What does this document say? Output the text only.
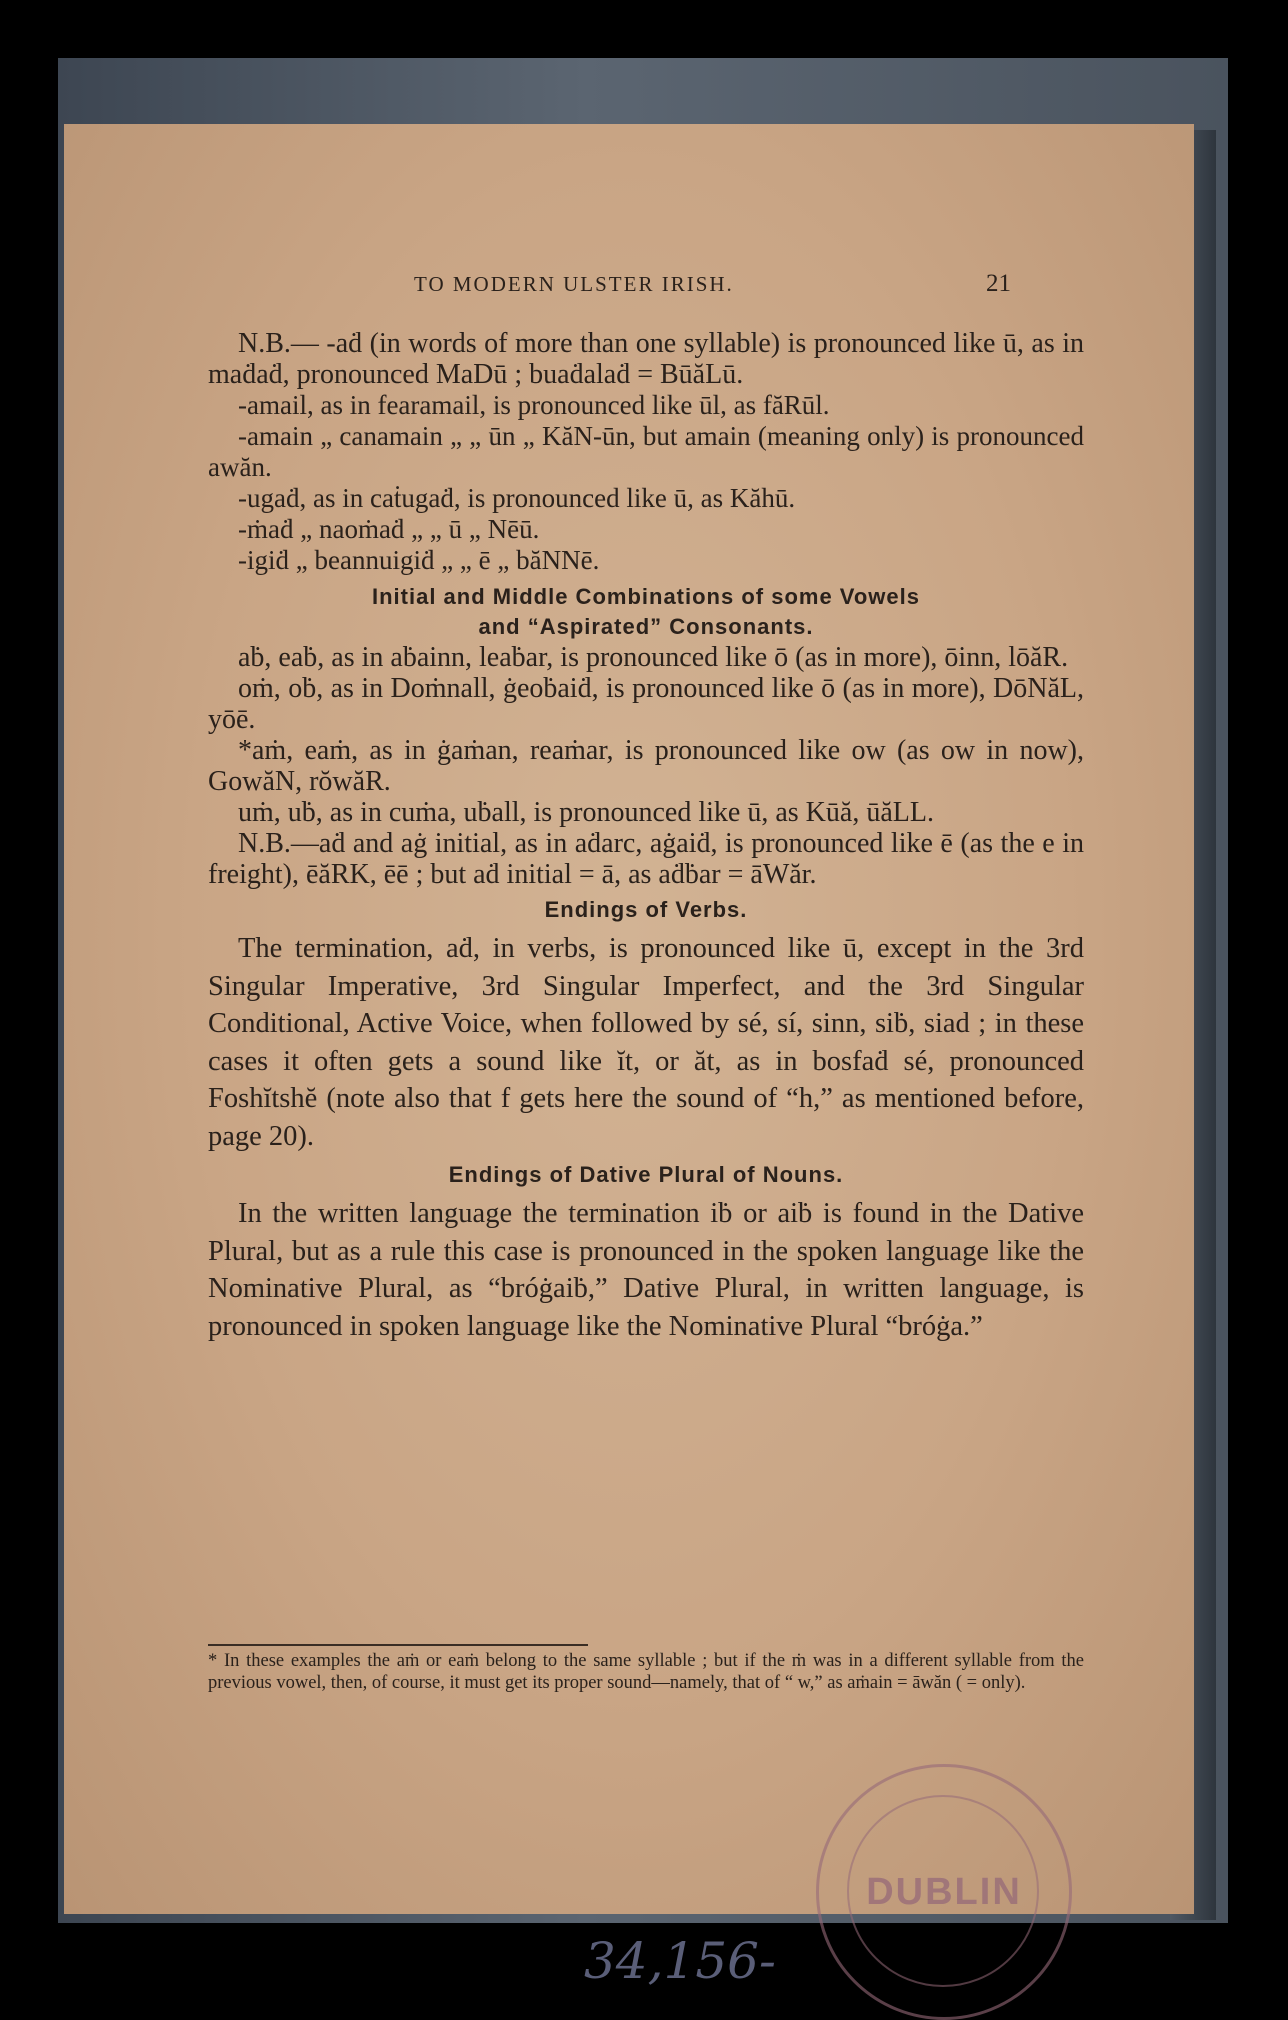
TO MODERN ULSTER IRISH.	21

N.B.— -aḋ (in words of more than one syllable) is pronounced like ū, as in maḋaḋ, pronounced MaDū ; buaḋalaḋ = BūăLū.

-amail, as in fearamail, is pronounced like ūl, as făRūl.

-amain „ canamain „ „ ūn „ KăN-ūn, but amain (meaning only) is pronounced awăn.

-ugaḋ, as in caṫugaḋ, is pronounced like ū, as Kăhū.

-ṁaḋ „ naoṁaḋ „ „ ū „ Nēū.

-igiḋ „ beannuigiḋ „ „ ē „ băNNē.

Initial and Middle Combinations of some Vowels
and “Aspirated” Consonants.

aḃ, eaḃ, as in aḃainn, leaḃar, is pronounced like ō (as in more), ōinn, lōăR.

oṁ, oḃ, as in Doṁnall, ġeoḃaiḋ, is pronounced like ō (as in more), DōNăL, yōē.

*aṁ, eaṁ, as in ġaṁan, reaṁar, is pronounced like ow (as ow in now), GowăN, rŏwăR.

uṁ, uḃ, as in cuṁa, uḃall, is pronounced like ū, as Kūă, ūăLL.

N.B.—aḋ and aġ initial, as in aḋarc, aġaiḋ, is pronounced like ē (as the e in freight), ēăRK, ēē ; but aḋ initial = ā, as aḋḃar = āWăr.

Endings of Verbs.

The termination, aḋ, in verbs, is pronounced like ū, except in the 3rd Singular Imperative, 3rd Singular Imperfect, and the 3rd Singular Conditional, Active Voice, when followed by sé, sí, sinn, siḃ, siad ; in these cases it often gets a sound like ĭt, or ăt, as in bosfaḋ sé, pronounced Foshĭtshĕ (note also that f gets here the sound of “h,” as mentioned before, page 20).

Endings of Dative Plural of Nouns.

In the written language the termination iḃ or aiḃ is found in the Dative Plural, but as a rule this case is pronounced in the spoken language like the Nominative Plural, as “bróġaiḃ,” Dative Plural, in written language, is pronounced in spoken language like the Nominative Plural “bróġa.”

* In these examples the aṁ or eaṁ belong to the same syllable ; but if the ṁ was in a different syllable from the previous vowel, then, of course, it must get its proper sound—namely, that of “ w,” as aṁain = āwăn ( = only).
DUBLIN
34,156-
